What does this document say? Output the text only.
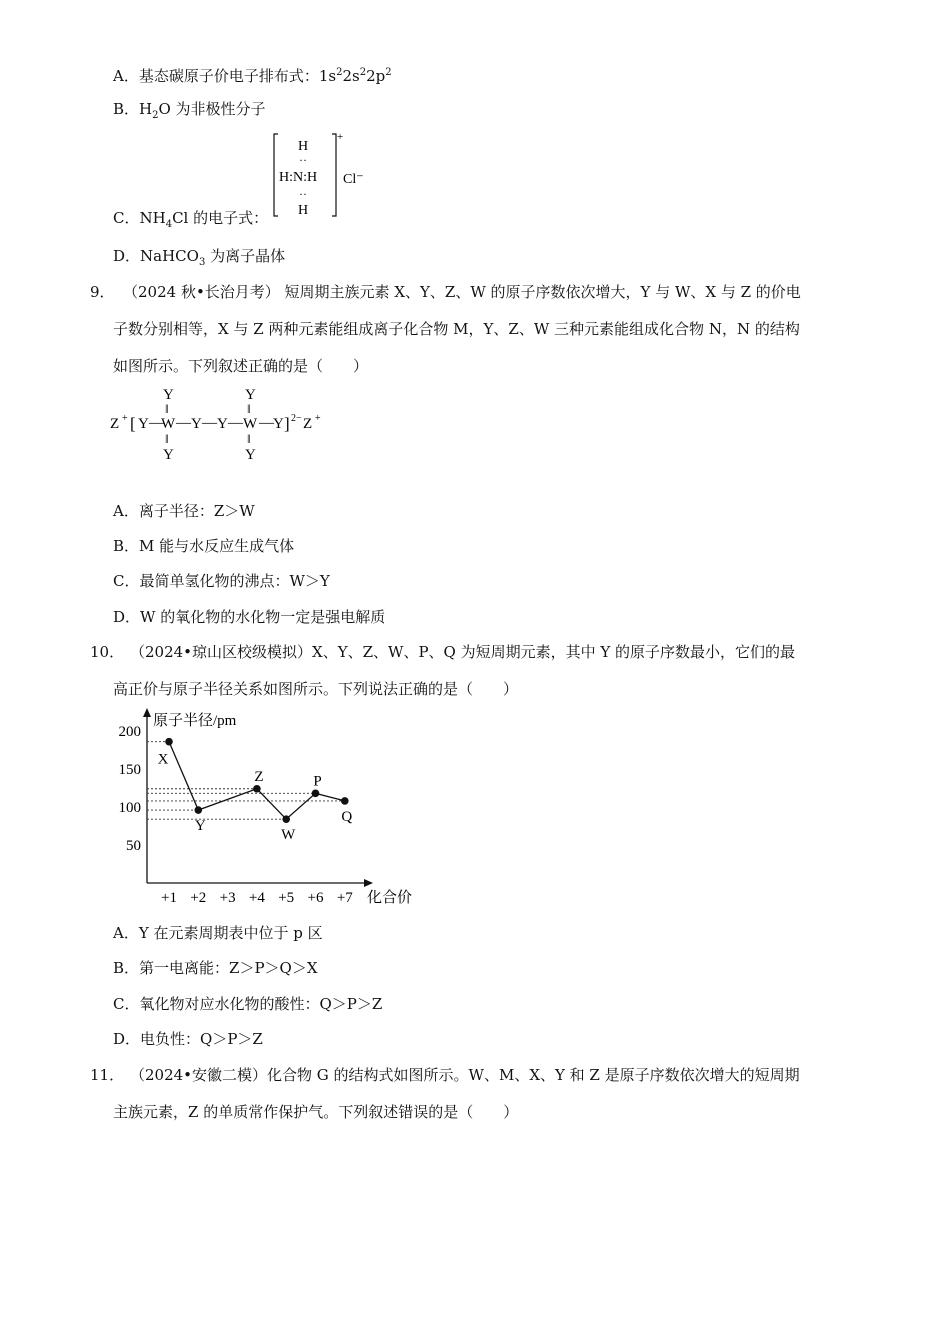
A．基态碳原子价电子排布式：$1s^22s^22p^2$
B．$H_2O$ 为非极性分子
C．$NH_4Cl$ 的电子式：
H
··
H:N:H
··
H
+
Cl⁻
D．NaHCO$_3$ 为离子晶体
9． （2024 秋•长治月考） 短周期主族元素 X、Y、Z、W 的原子序数依次增大，Y 与 W、X 与 Z 的价电
子数分别相等，X 与 Z 两种元素能组成离子化合物 M，Y、Z、W 三种元素能组成化合物 N，N 的结构
如图所示。下列叙述正确的是（　　）
Z + [ Y —
Y
‖
W
‖
Y
— Y — Y —
Y
‖
W
‖
Y
— Y ] 2− Z +
A．离子半径：Z＞W
B．M 能与水反应生成气体
C．最简单氢化物的沸点：W＞Y
D．W 的氧化物的水化物一定是强电解质
10． （2024•琼山区校级模拟）X、Y、Z、W、P、Q 为短周期元素，其中 Y 的原子序数最小，它们的最
高正价与原子半径关系如图所示。下列说法正确的是（　　）
原子半径/pm
化合价
200
150
100
50
+1 +2 +3 +4 +5 +6 +7
X
Y
Z
W
P
Q
A．Y 在元素周期表中位于 p 区
B．第一电离能：Z＞P＞Q＞X
C．氧化物对应水化物的酸性：Q＞P＞Z
D．电负性：Q＞P＞Z
11． （2024•安徽二模）化合物 G 的结构式如图所示。W、M、X、Y 和 Z 是原子序数依次增大的短周期
主族元素，Z 的单质常作保护气。下列叙述错误的是（　　）
